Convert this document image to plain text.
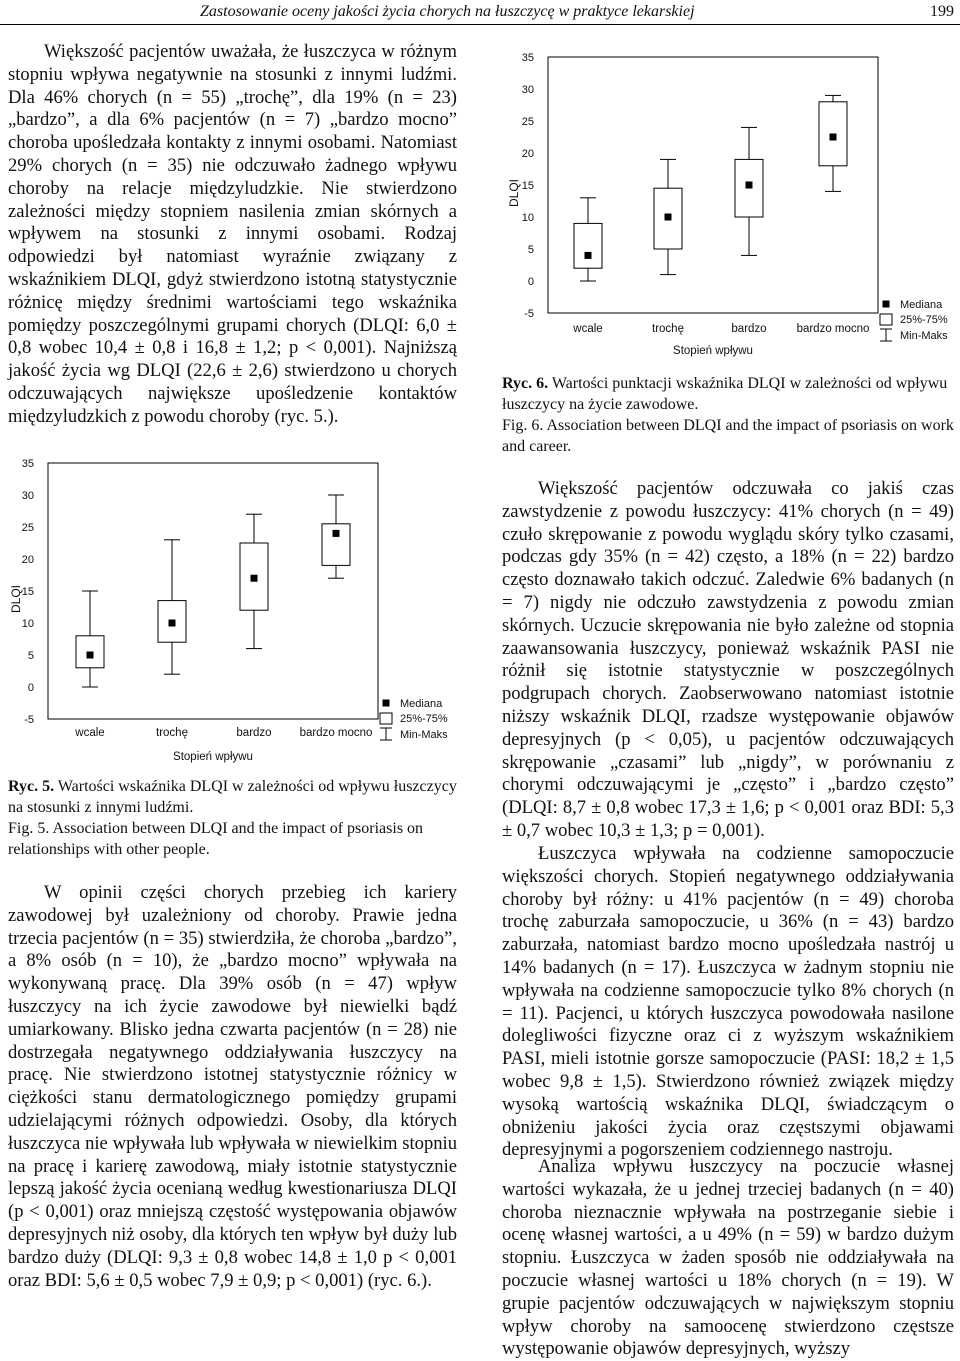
Zastosowanie oceny jakości życia chorych na łuszczycę w praktyce lekarskiej	199

Większość pacjentów uważała, że łuszczyca w różnym stopniu wpływa negatywnie na stosunki z innymi ludźmi. Dla 46% chorych (n = 55) „trochę”, dla 19% (n = 23) „bardzo”, a dla 6% pacjentów (n = 7) „bardzo mocno” choroba upośledzała kontakty z innymi osobami. Natomiast 29% chorych (n = 35) nie odczuwało żadnego wpływu choroby na relacje międzyludzkie. Nie stwierdzono zależności między stopniem nasilenia zmian skórnych a wpływem na stosunki z innymi osobami. Rodzaj odpowiedzi był natomiast wyraźnie związany z wskaźnikiem DLQI, gdyż stwierdzono istotną statystycznie różnicę między średnimi wartościami tego wskaźnika pomiędzy poszczególnymi grupami chorych (DLQI: 6,0 ± 0,8 wobec 10,4 ± 0,8 i 16,8 ± 1,2; p < 0,001). Najniższą jakość życia wg DLQI (22,6 ± 2,6) stwierdzono u chorych odczuwających największe upośledzenie kontaktów międzyludzkich z powodu choroby (ryc. 5.).

-5
0
5
10
15
20
25
30
35
DLQI
wcale	trochę	bardzo bardzo mocno
Stopień wpływu
Mediana
25%-75%
Min-Maks

Ryc. 5. Wartości wskaźnika DLQI w zależności od wpływu łuszczycy na stosunki z innymi ludźmi.

Fig. 5. Association between DLQI and the impact of psoriasis on relationships with other people.

W opinii części chorych przebieg ich kariery zawodowej był uzależniony od choroby. Prawie jedna trzecia pacjentów (n = 35) stwierdziła, że choroba „bardzo”, a 8% osób (n = 10), że „bardzo mocno” wpływała na wykonywaną pracę. Dla 39% osób (n = 47) wpływ łuszczycy na ich życie zawodowe był niewielki bądź umiarkowany. Blisko jedna czwarta pacjentów (n = 28) nie dostrzegała negatywnego oddziaływania łuszczycy na pracę. Nie stwierdzono istotnej statystycznie różnicy w ciężkości stanu dermatologicznego pomiędzy grupami udzielającymi różnych odpowiedzi. Osoby, dla których łuszczyca nie wpływała lub wpływała w niewielkim stopniu na pracę i karierę zawodową, miały istotnie statystycznie lepszą jakość życia ocenianą według kwestionariusza DLQI (p < 0,001) oraz mniejszą częstość występowania objawów depresyjnych niż osoby, dla których ten wpływ był duży lub bardzo duży (DLQI: 9,3 ± 0,8 wobec 14,8 ± 1,0 p < 0,001 oraz BDI: 5,6 ± 0,5 wobec 7,9 ± 0,9; p < 0,001) (ryc. 6.).

-5
0
5
10
15
20
25
30
35
DLQI
wcale	trochę	bardzo	bardzo mocno
Stopień wpływu
Mediana
25%-75%
Min-Maks

Ryc. 6. Wartości punktacji wskaźnika DLQI w zależności od wpływu łuszczycy na życie zawodowe.

Fig. 6. Association between DLQI and the impact of psoriasis on work and career.

Większość pacjentów odczuwała co jakiś czas zawstydzenie z powodu łuszczycy: 41% chorych (n = 49) czuło skrępowanie z powodu wyglądu skóry tylko czasami, podczas gdy 35% (n = 42) często, a 18% (n = 22) bardzo często doznawało takich odczuć. Zaledwie 6% badanych (n = 7) nigdy nie odczuło zawstydzenia z powodu zmian skórnych. Uczucie skrępowania nie było zależne od stopnia zaawansowania łuszczycy, ponieważ wskaźnik PASI nie różnił się istotnie statystycznie w poszczególnych podgrupach chorych. Zaobserwowano natomiast istotnie niższy wskaźnik DLQI, rzadsze występowanie objawów depresyjnych (p < 0,05), u pacjentów odczuwających skrępowanie „czasami” lub „nigdy”, w porównaniu z chorymi odczuwającymi je „często” i „bardzo często” (DLQI: 8,7 ± 0,8 wobec 17,3 ± 1,6; p < 0,001 oraz BDI: 5,3 ± 0,7 wobec 10,3 ± 1,3; p = 0,001).

Łuszczyca wpływała na codzienne samopoczucie większości chorych. Stopień negatywnego oddziaływania choroby był różny: u 41% pacjentów (n = 49) choroba trochę zaburzała samopoczucie, u 36% (n = 43) bardzo zaburzała, natomiast bardzo mocno upośledzała nastrój u 14% badanych (n = 17). Łuszczyca w żadnym stopniu nie wpływała na codzienne samopoczucie tylko 8% chorych (n = 11). Pacjenci, u których łuszczyca powodowała nasilone dolegliwości fizyczne oraz ci z wyższym wskaźnikiem PASI, mieli istotnie gorsze samopoczucie (PASI: 18,2 ± 1,5 wobec 9,8 ± 1,5). Stwierdzono również związek między wysoką wartością wskaźnika DLQI, świadczącym o obniżeniu jakości życia oraz częstszymi objawami depresyjnymi a pogorszeniem codziennego nastroju.

Analiza wpływu łuszczycy na poczucie własnej wartości wykazała, że u jednej trzeciej badanych (n = 40) choroba nieznacznie wpływała na postrzeganie siebie i ocenę własnej wartości, a u 49% (n = 59) w bardzo dużym stopniu. Łuszczyca w żaden sposób nie oddziaływała na poczucie własnej wartości u 18% chorych (n = 19). W grupie pacjentów odczuwających w największym stopniu wpływ choroby na samoocenę stwierdzono częstsze występowanie objawów depresyjnych, wyższy
